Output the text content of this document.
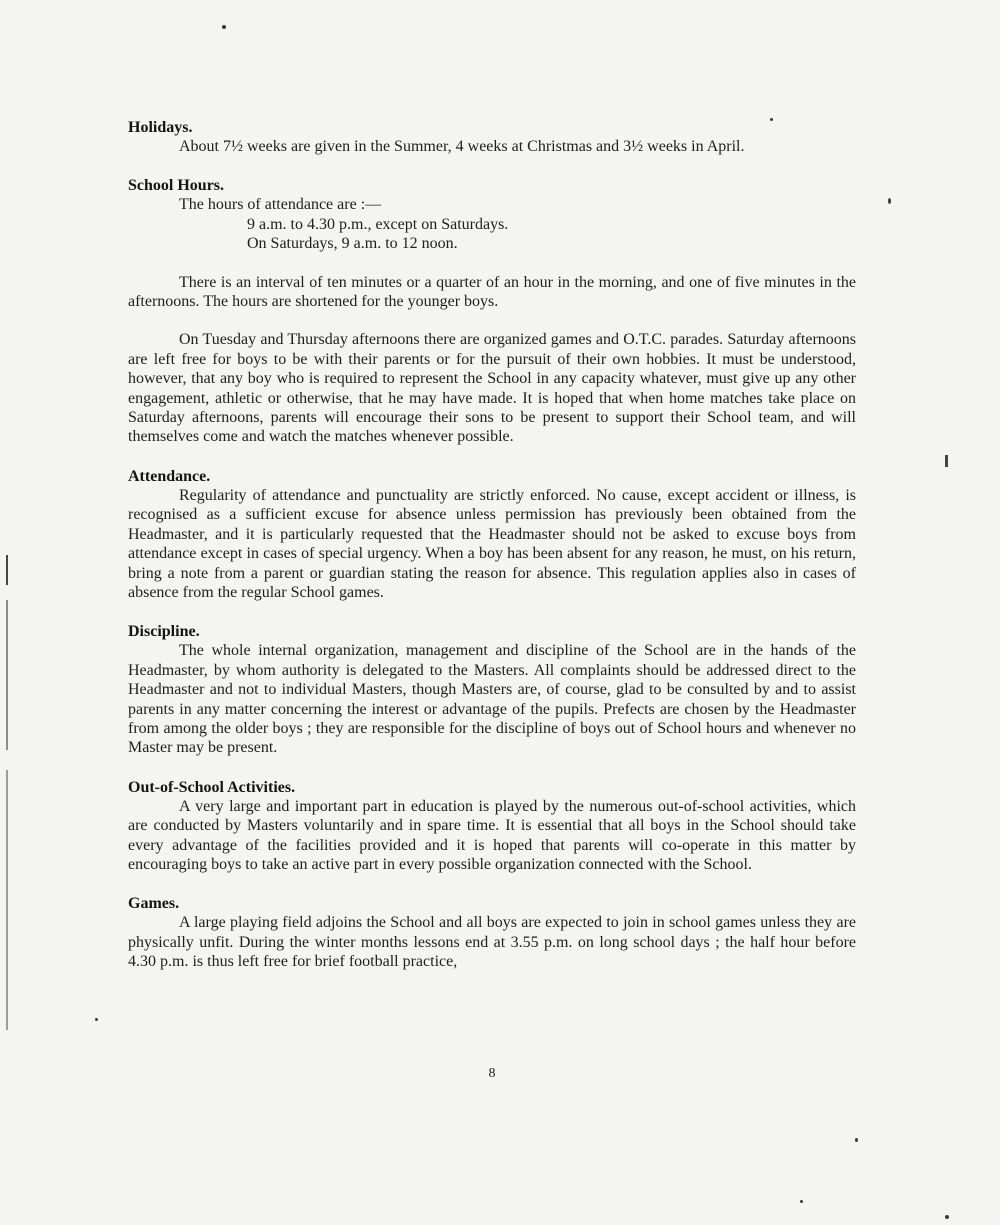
Holidays.

About 7½ weeks are given in the Summer, 4 weeks at Christmas and 3½ weeks in April.

School Hours.

The hours of attendance are :—

9 a.m. to 4.30 p.m., except on Saturdays.

On Saturdays, 9 a.m. to 12 noon.

There is an interval of ten minutes or a quarter of an hour in the morning, and one of five minutes in the afternoons. The hours are shortened for the younger boys.

On Tuesday and Thursday afternoons there are organized games and O.T.C. parades. Saturday afternoons are left free for boys to be with their parents or for the pursuit of their own hobbies. It must be understood, however, that any boy who is required to represent the School in any capacity whatever, must give up any other engagement, athletic or otherwise, that he may have made. It is hoped that when home matches take place on Saturday afternoons, parents will encourage their sons to be present to support their School team, and will themselves come and watch the matches whenever possible.

Attendance.

Regularity of attendance and punctuality are strictly enforced. No cause, except accident or illness, is recognised as a sufficient excuse for absence unless permission has previously been obtained from the Headmaster, and it is particularly requested that the Headmaster should not be asked to excuse boys from attendance except in cases of special urgency. When a boy has been absent for any reason, he must, on his return, bring a note from a parent or guardian stating the reason for absence. This regulation applies also in cases of absence from the regular School games.

Discipline.

The whole internal organization, management and discipline of the School are in the hands of the Headmaster, by whom authority is delegated to the Masters. All complaints should be addressed direct to the Headmaster and not to individual Masters, though Masters are, of course, glad to be consulted by and to assist parents in any matter concerning the interest or advantage of the pupils. Prefects are chosen by the Headmaster from among the older boys ; they are responsible for the discipline of boys out of School hours and whenever no Master may be present.

Out-of-School Activities.

A very large and important part in education is played by the numerous out-of-school activities, which are conducted by Masters voluntarily and in spare time. It is essential that all boys in the School should take every advantage of the facilities provided and it is hoped that parents will co-operate in this matter by encouraging boys to take an active part in every possible organization connected with the School.

Games.

A large playing field adjoins the School and all boys are expected to join in school games unless they are physically unfit. During the winter months lessons end at 3.55 p.m. on long school days ; the half hour before 4.30 p.m. is thus left free for brief football practice,

8
